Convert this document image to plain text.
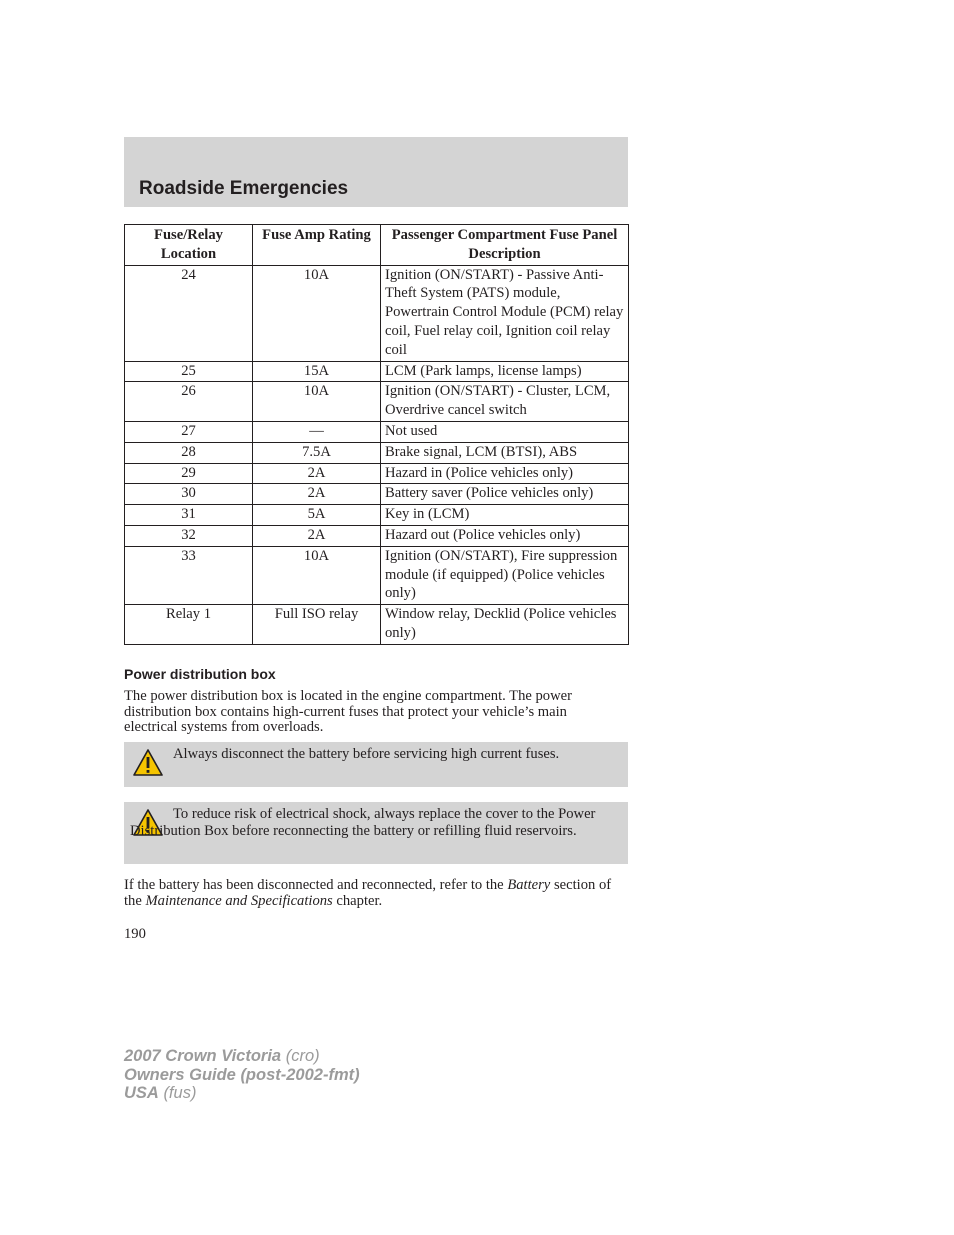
Roadside Emergencies
Fuse/Relay Location	Fuse Amp Rating	Passenger Compartment Fuse Panel Description
24	10A	Ignition (ON/START) - Passive Anti-Theft System (PATS) module, Powertrain Control Module (PCM) relay coil, Fuel relay coil, Ignition coil relay coil
25	15A	LCM (Park lamps, license lamps)
26	10A	Ignition (ON/START) - Cluster, LCM, Overdrive cancel switch
27	—	Not used
28	7.5A	Brake signal, LCM (BTSI), ABS
29	2A	Hazard in (Police vehicles only)
30	2A	Battery saver (Police vehicles only)
31	5A	Key in (LCM)
32	2A	Hazard out (Police vehicles only)
33	10A	Ignition (ON/START), Fire suppression module (if equipped) (Police vehicles only)
Relay 1	Full ISO relay	Window relay, Decklid (Police vehicles only)
Power distribution box

The power distribution box is located in the engine compartment. The power distribution box contains high-current fuses that protect your vehicle’s main electrical systems from overloads.

Always disconnect the battery before servicing high current fuses.

To reduce risk of electrical shock, always replace the cover to the Power Distribution Box before reconnecting the battery or refilling fluid reservoirs.

If the battery has been disconnected and reconnected, refer to the Battery section of the Maintenance and Specifications chapter.

190
2007 Crown Victoria (cro)
Owners Guide (post-2002-fmt)
USA (fus)
